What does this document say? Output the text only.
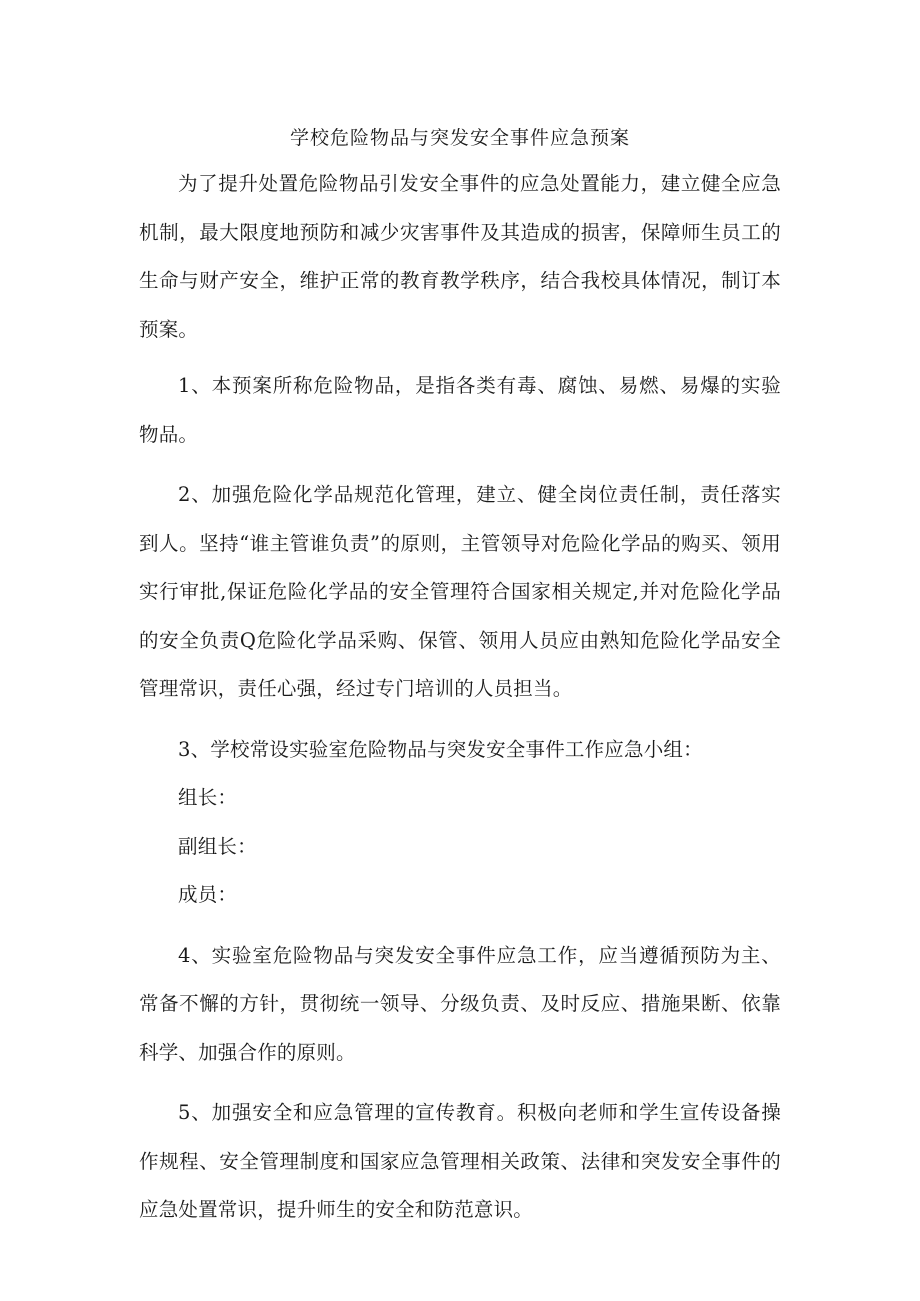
学校危险物品与突发安全事件应急预案

为了提升处置危险物品引发安全事件的应急处置能力，建立健全应急机制，最大限度地预防和减少灾害事件及其造成的损害，保障师生员工的生命与财产安全，维护正常的教育教学秩序，结合我校具体情况，制订本预案。

1、本预案所称危险物品，是指各类有毒、腐蚀、易燃、易爆的实验物品。

2、加强危险化学品规范化管理，建立、健全岗位责任制，责任落实到人。坚持“谁主管谁负责”的原则，主管领导对危险化学品的购买、领用实行审批,保证危险化学品的安全管理符合国家相关规定,并对危险化学品的安全负责Q危险化学品采购、保管、领用人员应由熟知危险化学品安全管理常识，责任心强，经过专门培训的人员担当。

3、学校常设实验室危险物品与突发安全事件工作应急小组：

组长：

副组长：

成员：

4、实验室危险物品与突发安全事件应急工作，应当遵循预防为主、常备不懈的方针，贯彻统一领导、分级负责、及时反应、措施果断、依靠科学、加强合作的原则。

5、加强安全和应急管理的宣传教育。积极向老师和学生宣传设备操作规程、安全管理制度和国家应急管理相关政策、法律和突发安全事件的应急处置常识，提升师生的安全和防范意识。
